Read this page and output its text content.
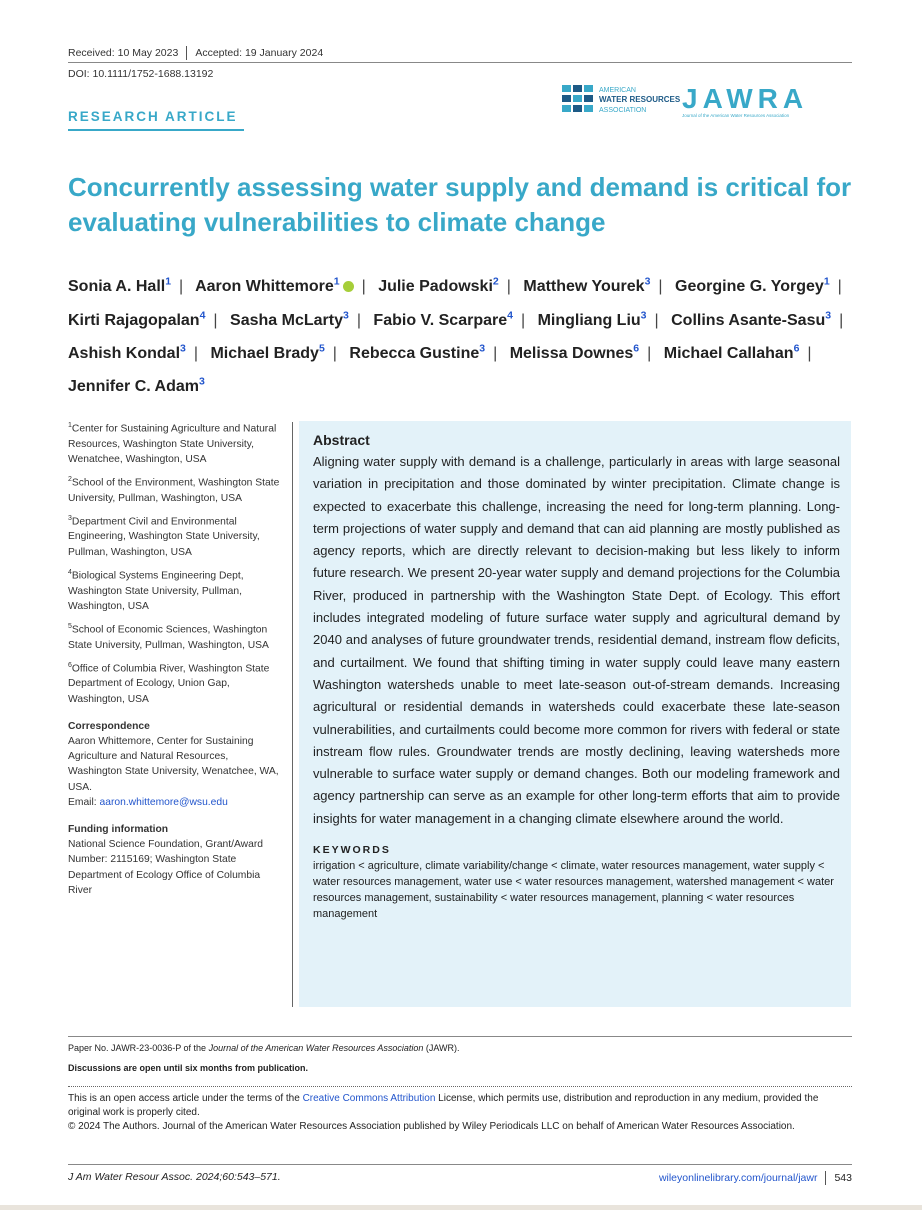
Received: 10 May 2023 Accepted: 19 January 2024
DOI: 10.1111/1752-1688.13192
RESEARCH ARTICLE
AMERICAN
WATER RESOURCES
ASSOCIATION JAWRA
Journal of the American Water Resources Association
Concurrently assessing water supply and demand is critical for evaluating vulnerabilities to climate change
Sonia A. Hall$^1$ | Aaron Whittemore$^1$ | Julie Padowski$^2$ | Matthew Yourek$^3$ | Georgine G. Yorgey$^1$ | Kirti Rajagopalan$^4$ | Sasha McLarty$^3$ | Fabio V. Scarpare$^4$ | Mingliang Liu$^3$ | Collins Asante-Sasu$^3$ | Ashish Kondal$^3$ | Michael Brady$^5$ | Rebecca Gustine$^3$ | Melissa Downes$^6$ | Michael Callahan$^6$ | Jennifer C. Adam$^3$
$^1$Center for Sustaining Agriculture and Natural Resources, Washington State University, Wenatchee, Washington, USA
$^2$School of the Environment, Washington State University, Pullman, Washington, USA
$^3$Department Civil and Environmental Engineering, Washington State University, Pullman, Washington, USA
$^4$Biological Systems Engineering Dept, Washington State University, Pullman, Washington, USA
$^5$School of Economic Sciences, Washington State University, Pullman, Washington, USA
$^6$Office of Columbia River, Washington State Department of Ecology, Union Gap, Washington, USA
Correspondence
Aaron Whittemore, Center for Sustaining Agriculture and Natural Resources, Washington State University, Wenatchee, WA, USA.
Email: aaron.whittemore@wsu.edu
Funding information
National Science Foundation, Grant/Award Number: 2115169; Washington State Department of Ecology Office of Columbia River
Abstract
Aligning water supply with demand is a challenge, particularly in areas with large seasonal variation in precipitation and those dominated by winter precipitation. Climate change is expected to exacerbate this challenge, increasing the need for long-term planning. Long-term projections of water supply and demand that can aid planning are mostly published as agency reports, which are directly relevant to decision-making but less likely to inform future research. We present 20-year water supply and demand projections for the Columbia River, produced in partnership with the Washington State Dept. of Ecology. This effort includes integrated modeling of future surface water supply and agricultural demand by 2040 and analyses of future groundwater trends, residential demand, instream flow deficits, and curtailment. We found that shifting timing in water supply could leave many eastern Washington watersheds unable to meet late-season out-of-stream demands. Increasing agricultural or residential demands in watersheds could exacerbate these late-season vulnerabilities, and curtailments could become more common for rivers with federal or state instream flow rules. Groundwater trends are mostly declining, leaving watersheds more vulnerable to surface water supply or demand changes. Both our modeling framework and agency partnership can serve as an example for other long-term efforts that aim to provide insights for water management in a changing climate elsewhere around the world.
KEYWORDS
irrigation < agriculture, climate variability/change < climate, water resources management, water supply < water resources management, water use < water resources management, watershed management < water resources management, sustainability < water resources management, planning < water resources management
Paper No. JAWR-23-0036-P of the Journal of the American Water Resources Association (JAWR).
Discussions are open until six months from publication.
This is an open access article under the terms of the Creative Commons Attribution License, which permits use, distribution and reproduction in any medium, provided the original work is properly cited.
© 2024 The Authors. Journal of the American Water Resources Association published by Wiley Periodicals LLC on behalf of American Water Resources Association.
J Am Water Resour Assoc. 2024;60:543–571.	wileyonlinelibrary.com/journal/jawr 543
